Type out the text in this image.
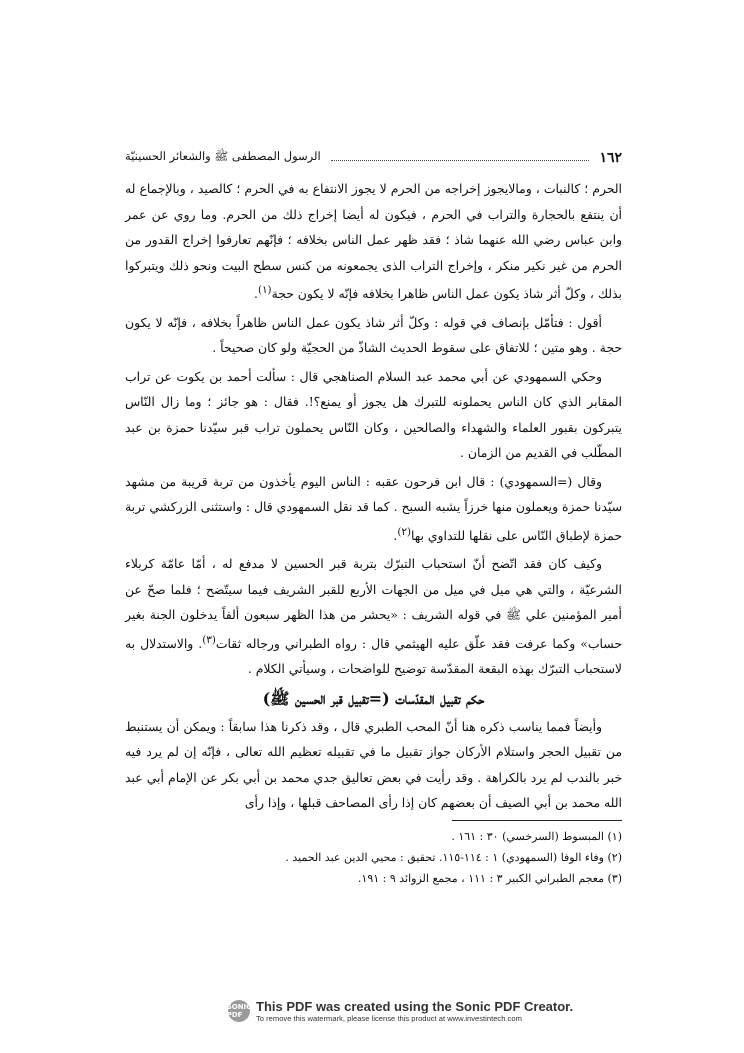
١٦٢
الرسول المصطفى ﷺ والشعائر الحسينيّة

الحرم ؛ كالنبات ، ومالايجوز إخراجه من الحرم لا يجوز الانتفاع به في الحرم ؛ كالصيد ، وبالإجماع له أن ينتفع بالحجارة والتراب في الحرم ، فيكون له أيضا إخراج ذلك من الحرم. وما روي عن عمر وابن عباس رضي الله عنهما شاذ ؛ فقد ظهر عمل الناس بخلافه ؛ فإنّهم تعارفوا إخراج القدور من الحرم من غير نكير منكر ، وإخراج التراب الذى يجمعونه من كنس سطح البيت ونحو ذلك ويتبركوا بذلك ، وكلّ أثر شاذ يكون عمل الناس ظاهرا بخلافه فإنّه لا يكون حجة$^{(١)}$.

أقول : فتأمّل بإنصاف في قوله : وكلّ أثر شاذ يكون عمل الناس ظاهراً بخلافه ، فإنّه لا يكون حجة . وهو متين ؛ للاتفاق على سقوط الحديث الشاذّ من الحجيّة ولو كان صحيحاً .

وحكي السمهودي عن أبي محمد عبد السلام الصناهجي قال : سألت أحمد بن يكوت عن تراب المقابر الذي كان الناس يحملونه للتبرك هل يجوز أو يمنع؟!. فقال : هو جائز ؛ وما زال النّاس يتبركون بقبور العلماء والشهداء والصالحين ، وكان النّاس يحملون تراب قبر سيّدنا حمزة بن عبد المطّلب في القديم من الزمان .

وقال (=السمهودي) : قال ابن فرحون عقبه : الناس اليوم يأخذون من تربة قريبة من مشهد سيّدنا حمزة ويعملون منها خرزاً يشبه السبح . كما قد نقل السمهودي قال : واستثنى الزركشي تربة حمزة لإطباق النّاس على نقلها للتداوي بها$^{(٢)}$.

وكيف كان فقد اتّضح أنّ استحباب التبرّك بتربة قبر الحسين لا مدفع له ، أمّا عامّة كربلاء الشرعيّة ، والتي هي ميل في ميل من الجهات الأربع للقبر الشريف فيما سيتّضح ؛ فلما صحّ عن أمير المؤمنين علي ﷺ في قوله الشريف : «يحشر من هذا الظهر سبعون ألفاً يدخلون الجنة بغير حساب» وكما عرفت فقد علّق عليه الهيثمي قال : رواه الطبراني ورجاله ثقات$^{(٣)}$. والاستدلال به لاستحباب التبرّك بهذه البقعة المقدّسة توضيح للواضحات ، وسيأتي الكلام .

حكم تقبيل المقدّسات (=تقبيل قبر الحسين ﷺ)

وأيضاً فمما يناسب ذكره هنا أنّ المحب الطبري قال ، وقد ذكرنا هذا سابقاً : ويمكن أن يستنبط من تقبيل الحجر واستلام الأركان جواز تقبيل ما في تقبيله تعظيم الله تعالى ، فإنّه إن لم يرد فيه خبر بالندب لم يرد بالكراهة . وقد رأيت في بعض تعاليق جدي محمد بن أبي بكر عن الإمام أبي عبد الله محمد بن أبي الصيف أن بعضهم كان إذا رأى المصاحف قبلها ، وإذا رأى

(١) المبسوط (السرخسي) ٣٠ : ١٦١ .
(٢) وفاء الوفا (السمهودي) ١ : ١١٤-١١٥. تحقيق : محيي الدين عبد الحميد .
(٣) معجم الطبراني الكبير ٣ : ١١١ ، مجمع الزوائد ٩ : ١٩١.
SONIC PDF
This PDF was created using the Sonic PDF Creator.
To remove this watermark, please license this product at www.investintech.com
